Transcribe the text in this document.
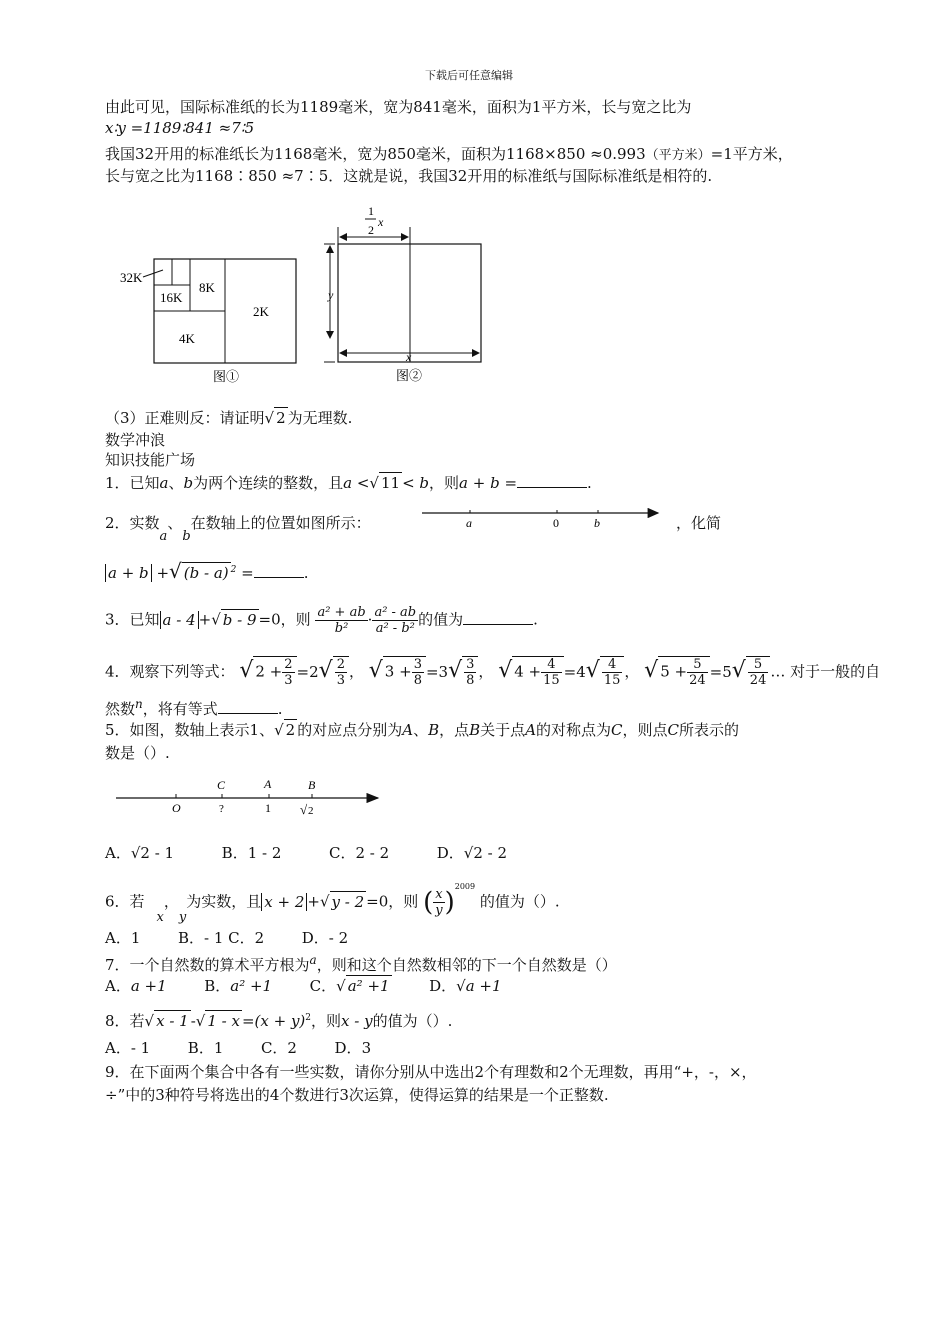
下载后可任意编辑
由此可见，国际标准纸的长为1189毫米，宽为841毫米，面积为1平方米，长与宽之比为
x∶y =1189∶841 ≈7∶5
我国32开用的标准纸长为1168毫米，宽为850毫米，面积为1168×850 ≈0.993（平方米）=1平方米，
长与宽之比为1168∶850 ≈7∶5．这就是说，我国32开用的标准纸与国际标准纸是相符的.
32K
16K
8K
4K
2K
图①
1
2
x
y
x
图②
（3）正难则反：请证明√ 2 为无理数.
数学冲浪
知识技能广场
1．已知a、b为两个连续的整数，且a <√ 11 < b，则a + b =	.
2．实数a、b在数轴上的位置如图所示：	a	0	b	，化简
a + b +√ (b - a) $^2$ =	.
3．已知 a - 4 +√ b - 9 =0，则 $\frac{\text{a² + ab}}{\text{b²}} \cdot \frac{\text{a² - ab}}{\text{a² - b²}}$ 的值为	.
4．观察下列等式： √ $2 + \frac{2}{3} =2√ \frac{2}{3}$ ， √ $3 + \frac{3}{8} =3√ \frac{3}{8}$ ， √ $4 + \frac{4}{15} =4√ \frac{4}{15}$ ， √ $5 + \frac{5}{24} =5√ \frac{5}{24}$ … 对于一般的自
然数$^n$，将有等式	.
5．如图，数轴上表示1、√ 2 的对应点分别为A、B，点B关于点A的对称点为C，则点C所表示的
数是（）.
C	A	B
O	?	1 √ 2
A．√2 - 1	B．1 - 2	C．2 - 2	D．√2 - 2
6．若x，y为实数，且 x + 2 +√ y - 2 =0，则 ( $\frac{x}{y} )^{2009}$ 的值为（）.
A．1	B．- 1 C．2	D．- 2
7．一个自然数的算术平方根为$^a$，则和这个自然数相邻的下一个自然数是（）
A．a +1	B．a² +1	C．√ a² +1	D．√a +1
8．若√ x - 1 -√ $1 - x =(x + y)^2$，则x - y的值为（）.
A．- 1	B．1	C．2	D．3
9．在下面两个集合中各有一些实数，请你分别从中选出2个有理数和2个无理数，再用“+，-，×，
÷”中的3种符号将选出的4个数进行3次运算，使得运算的结果是一个正整数.
